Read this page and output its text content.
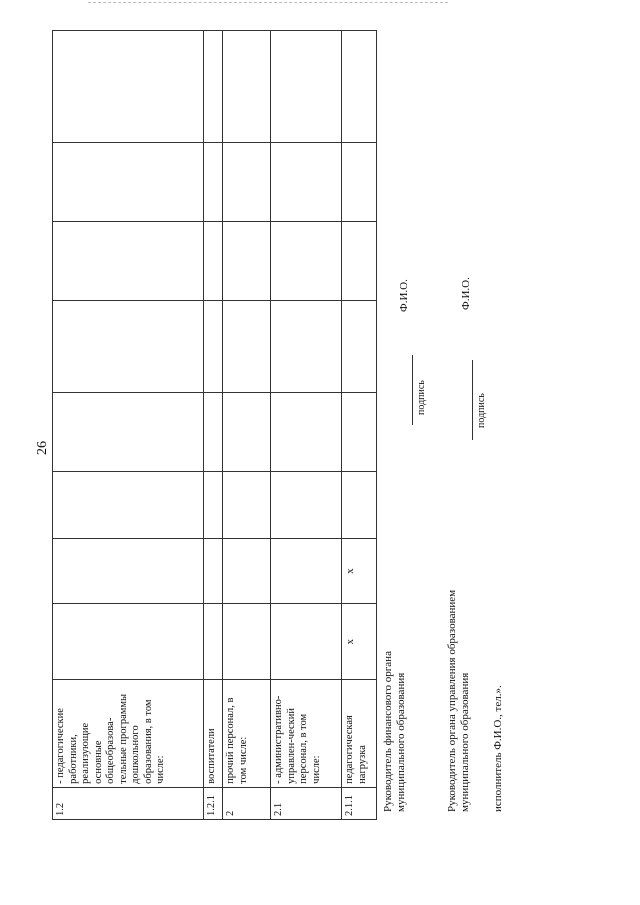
26
1.2	- педагогические работники, реализующие основные общеобразова-тельные программы дошкольного образования, в том числе:								
1.2.1	воспитатели								
2	прочий персонал, в том числе:								
2.1	- административно-управлен-ческий персонал, в том числе:								
2.1.1	педагогическая нагрузка	x	x						
Руководитель финансового органа муниципального образования
подпись
Ф.И.О.
Руководитель органа управления образованием муниципального образования
подпись
Ф.И.О.
исполнитель Ф.И.О., тел.».
